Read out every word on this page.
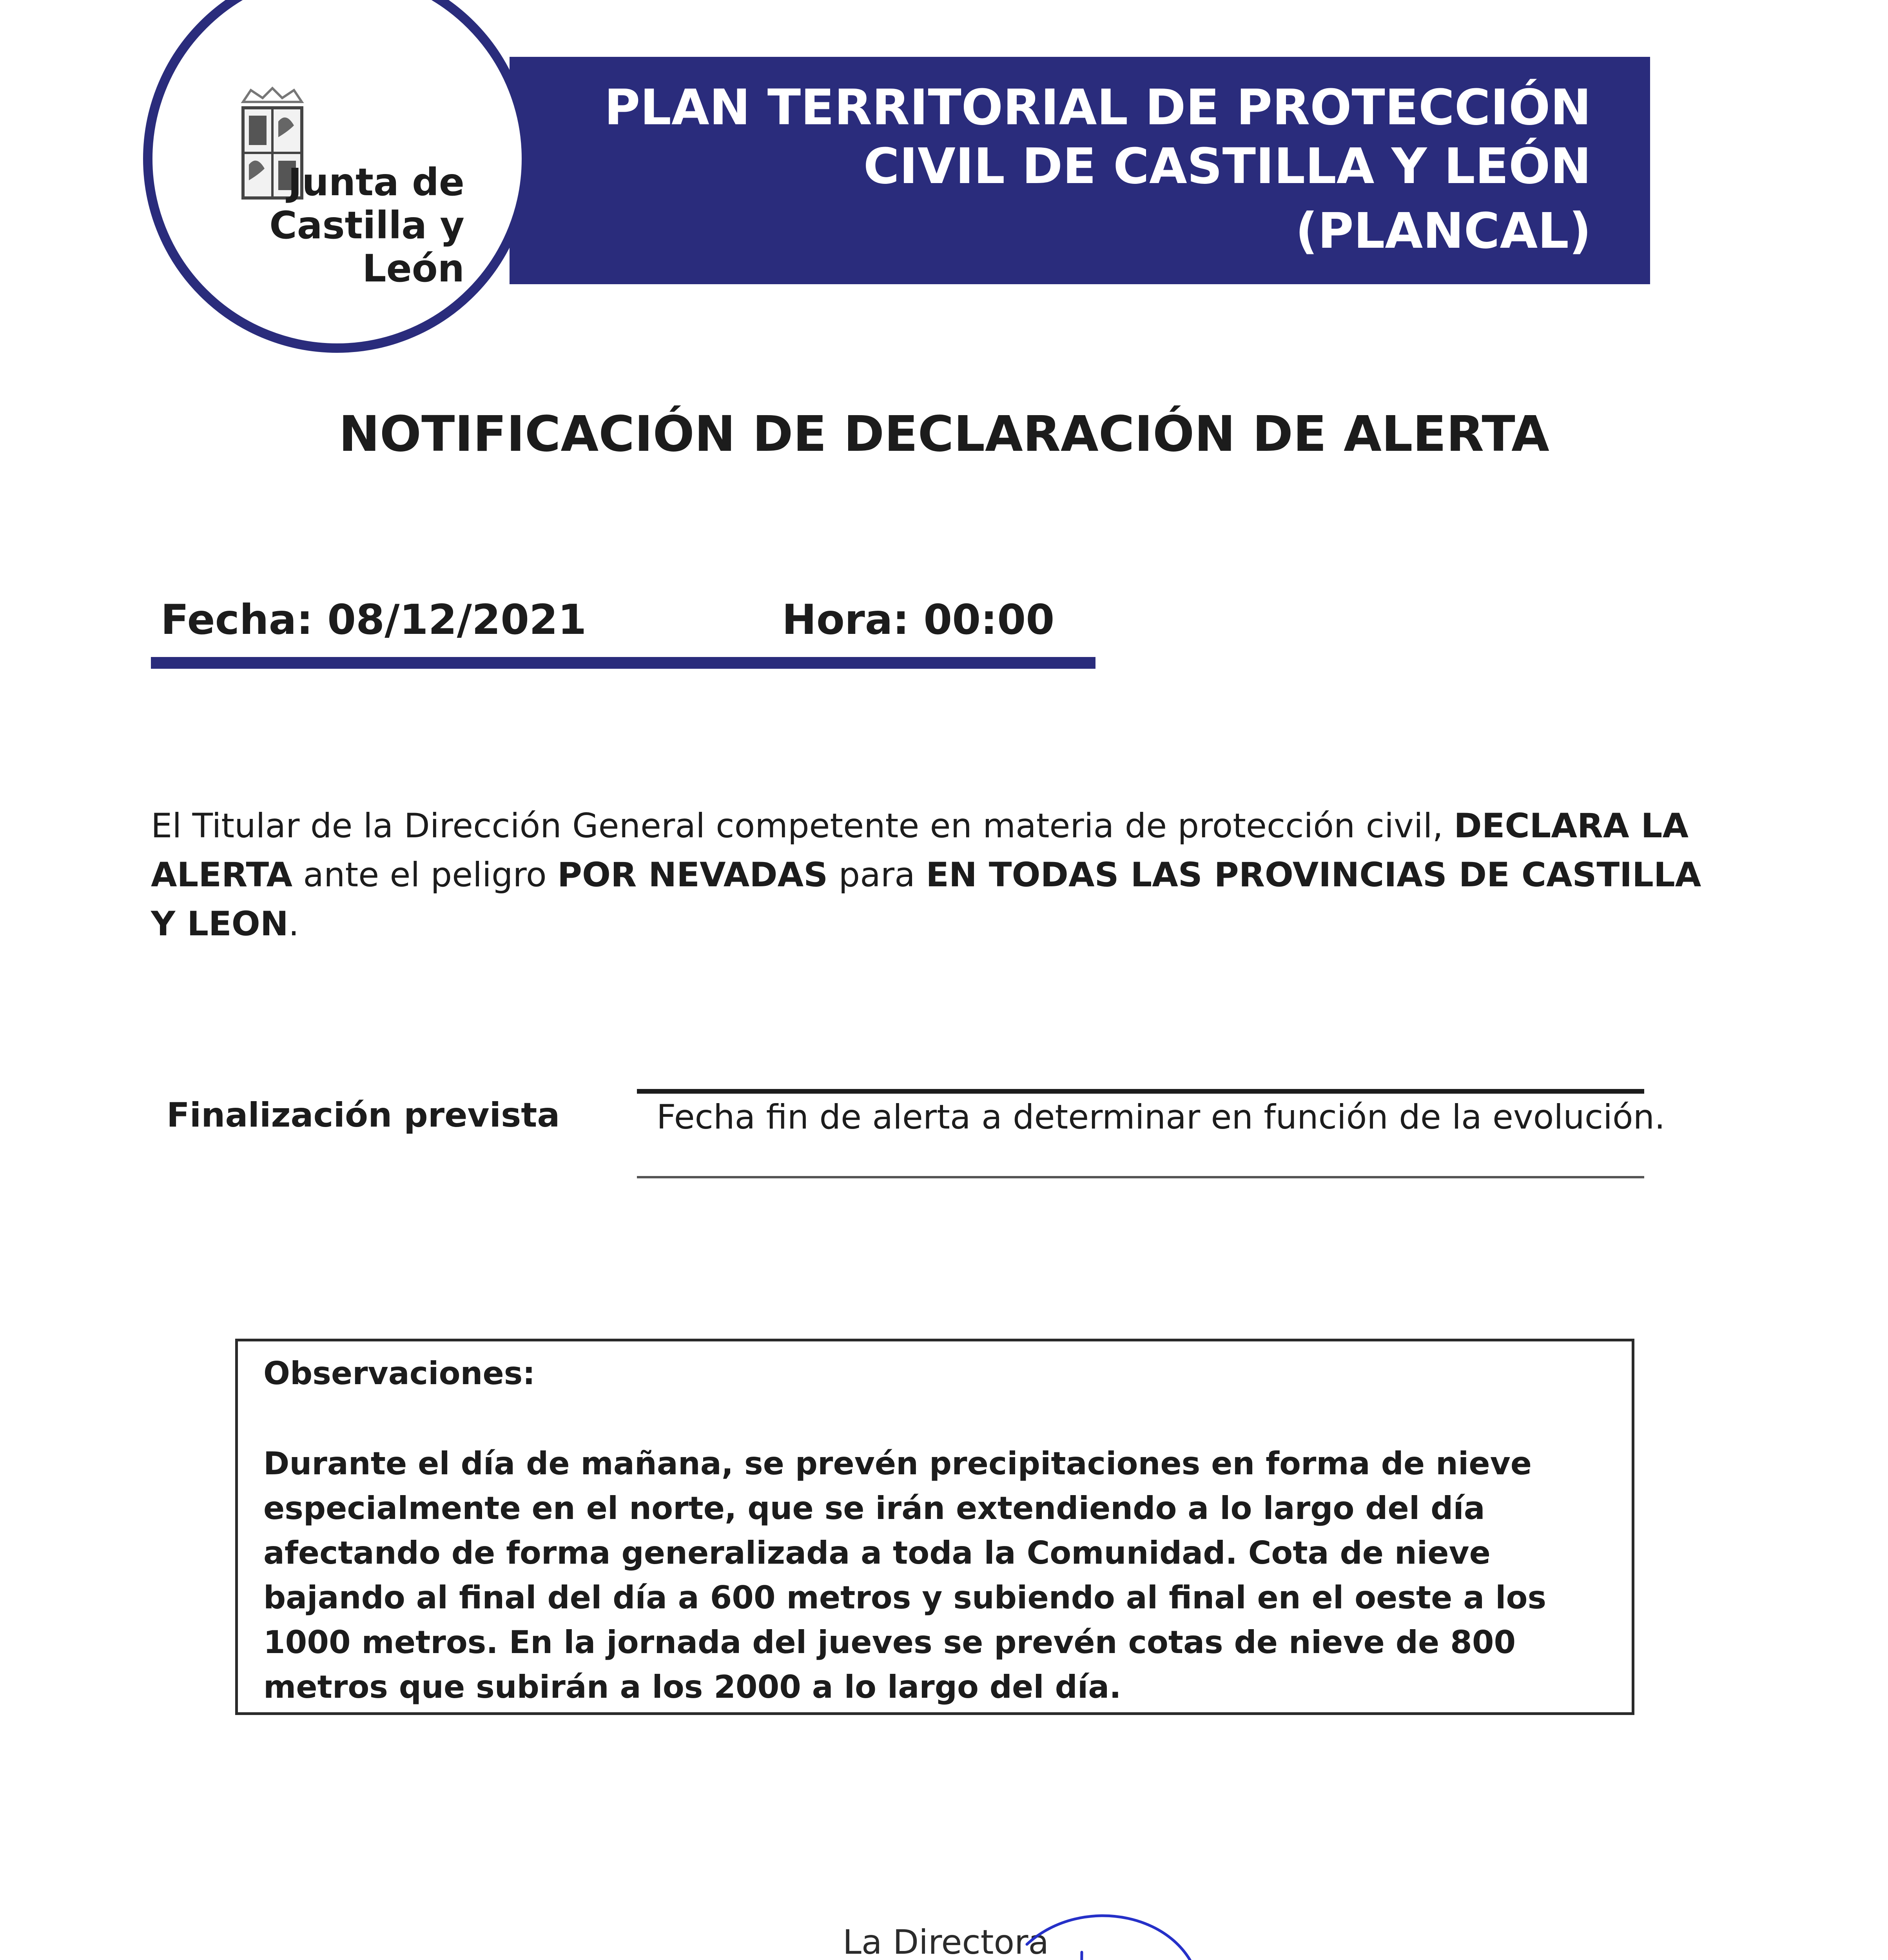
PLAN TERRITORIAL DE PROTECCIÓN
CIVIL DE CASTILLA Y LEÓN
(PLANCAL)
Junta de
Castilla y León
NOTIFICACIÓN DE DECLARACIÓN DE ALERTA
Fecha: 08/12/2021	Hora: 00:00
El Titular de la Dirección General competente en materia de protección civil, DECLARA LA ALERTA ante el peligro POR NEVADAS para EN TODAS LAS PROVINCIAS DE CASTILLA Y LEON.
Finalización prevista	Fecha fin de alerta a determinar en función de la evolución.
Observaciones:
Durante el día de mañana, se prevén precipitaciones en forma de nieve especialmente en el norte, que se irán extendiendo a lo largo del día afectando de forma generalizada a toda la Comunidad. Cota de nieve bajando al final del día a 600 metros y subiendo al final en el oeste a los 1000 metros. En la jornada del jueves se prevén cotas de nieve de 800 metros que subirán a los 2000 a lo largo del día.
La Directora
